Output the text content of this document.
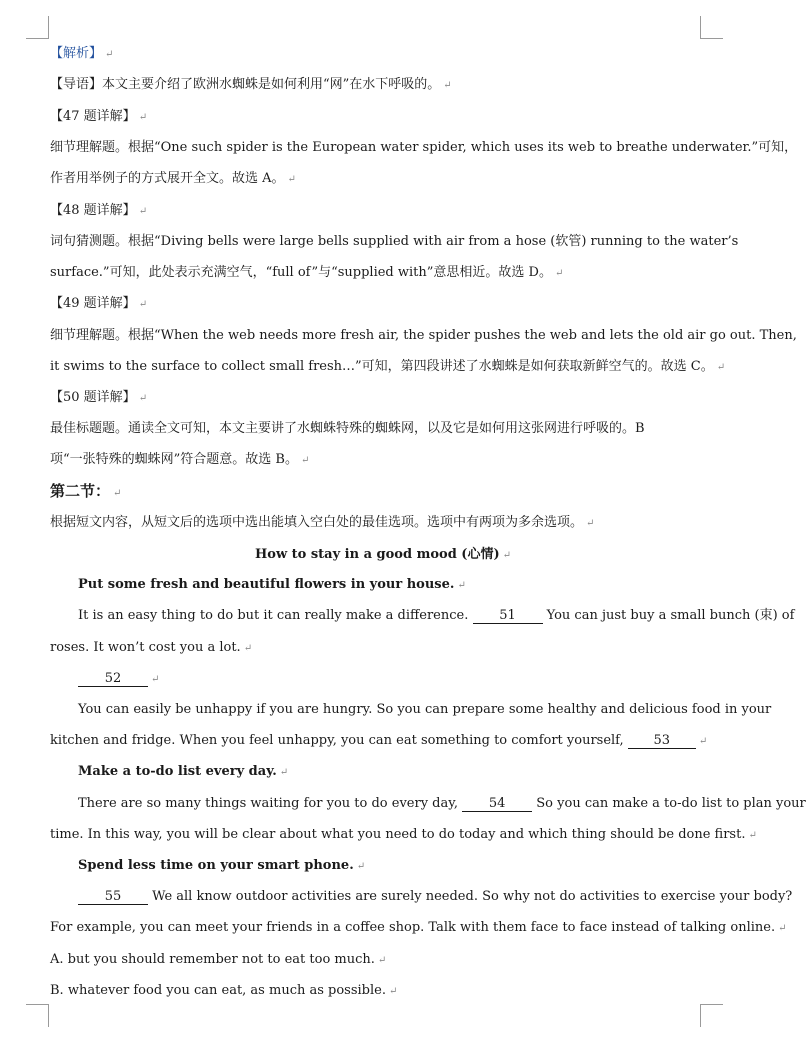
【解析】 ↵
【导语】本文主要介绍了欧洲水蜘蛛是如何利用“网”在水下呼吸的。 ↵
【47 题详解】 ↵
细节理解题。根据“One such spider is the European water spider, which uses its web to breathe underwater.”可知，
作者用举例子的方式展开全文。故选 A。 ↵
【48 题详解】 ↵
词句猜测题。根据“Diving bells were large bells supplied with air from a hose (软管) running to the water’s
surface.”可知，此处表示充满空气，“full of”与“supplied with”意思相近。故选 D。 ↵
【49 题详解】 ↵
细节理解题。根据“When the web needs more fresh air, the spider pushes the web and lets the old air go out. Then,
it swims to the surface to collect small fresh…”可知，第四段讲述了水蜘蛛是如何获取新鲜空气的。故选 C。 ↵
【50 题详解】 ↵
最佳标题题。通读全文可知，本文主要讲了水蜘蛛特殊的蜘蛛网，以及它是如何用这张网进行呼吸的。B
项“一张特殊的蜘蛛网”符合题意。故选 B。 ↵
第二节： ↵
根据短文内容，从短文后的选项中选出能填入空白处的最佳选项。选项中有两项为多余选项。 ↵
How to stay in a good mood (心情) ↵
Put some fresh and beautiful flowers in your house. ↵
It is an easy thing to do but it can really make a difference. 51 You can just buy a small bunch (束) of
roses. It won’t cost you a lot. ↵
52	↵
You can easily be unhappy if you are hungry. So you can prepare some healthy and delicious food in your
kitchen and fridge. When you feel unhappy, you can eat something to comfort yourself, 53	↵
Make a to-do list every day. ↵
There are so many things waiting for you to do every day, 54 So you can make a to-do list to plan your
time. In this way, you will be clear about what you need to do today and which thing should be done first. ↵
Spend less time on your smart phone. ↵
55 We all know outdoor activities are surely needed. So why not do activities to exercise your body?
For example, you can meet your friends in a coffee shop. Talk with them face to face instead of talking online. ↵
A. but you should remember not to eat too much. ↵
B. whatever food you can eat, as much as possible. ↵
